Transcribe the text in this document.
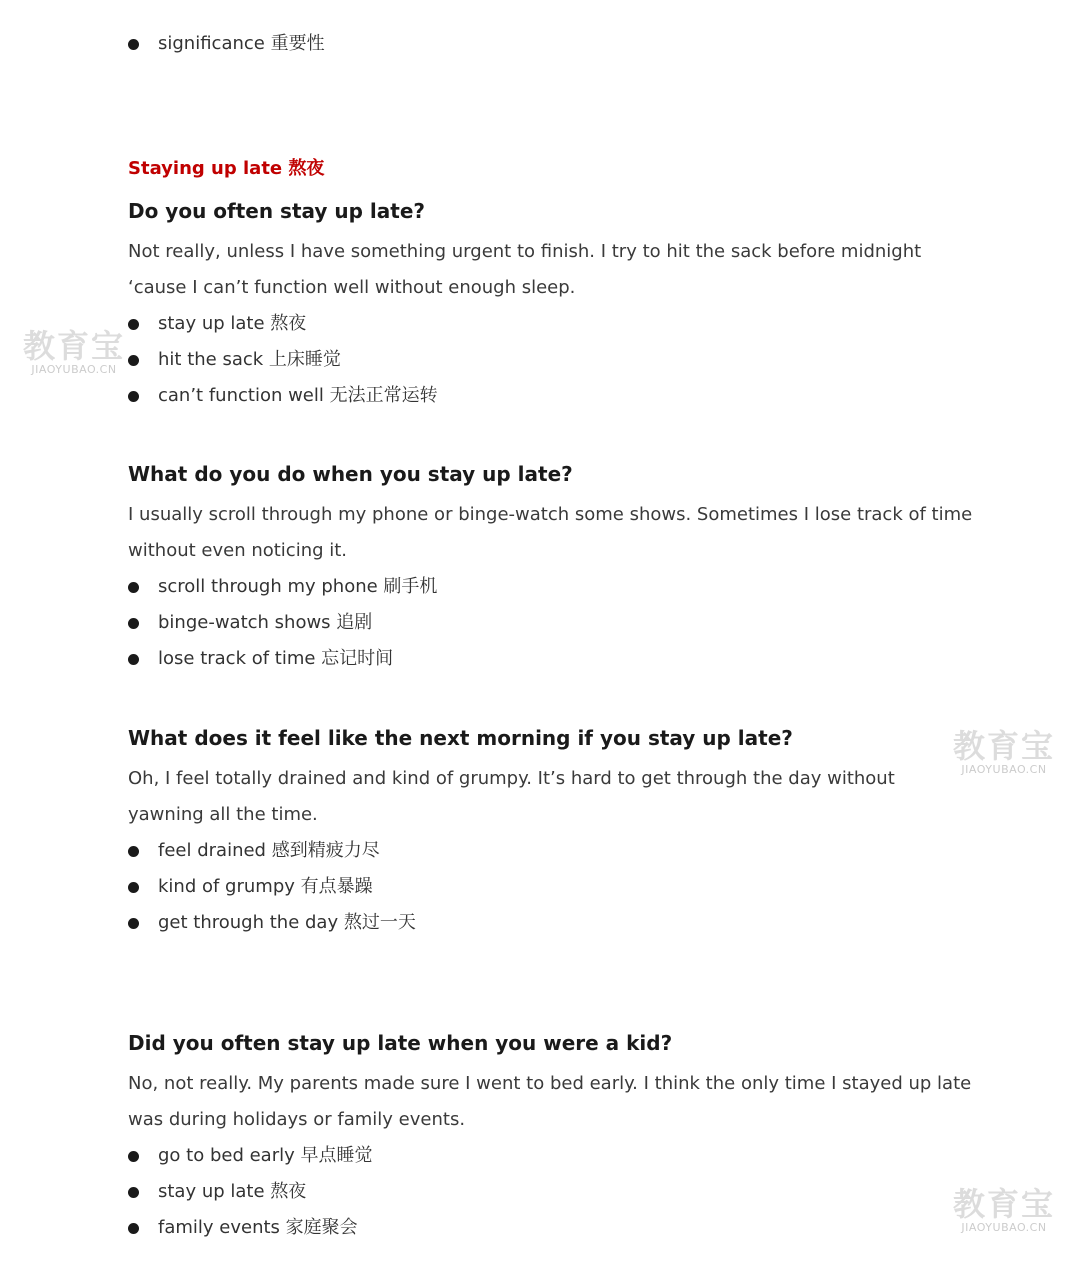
significance 重要性
Staying up late 熬夜
Do you often stay up late?
Not really, unless I have something urgent to finish. I try to hit the sack before midnight
‘cause I can’t function well without enough sleep.
stay up late 熬夜
hit the sack 上床睡觉
can’t function well 无法正常运转
What do you do when you stay up late?
I usually scroll through my phone or binge-watch some shows. Sometimes I lose track of time
without even noticing it.
scroll through my phone 刷手机
binge-watch shows 追剧
lose track of time 忘记时间
What does it feel like the next morning if you stay up late?
Oh, I feel totally drained and kind of grumpy. It’s hard to get through the day without
yawning all the time.
feel drained 感到精疲力尽
kind of grumpy 有点暴躁
get through the day 熬过一天
Did you often stay up late when you were a kid?
No, not really. My parents made sure I went to bed early. I think the only time I stayed up late
was during holidays or family events.
go to bed early 早点睡觉
stay up late 熬夜
family events 家庭聚会
教育宝
JIAOYUBAO.CN
教育宝
JIAOYUBAO.CN
教育宝
JIAOYUBAO.CN
